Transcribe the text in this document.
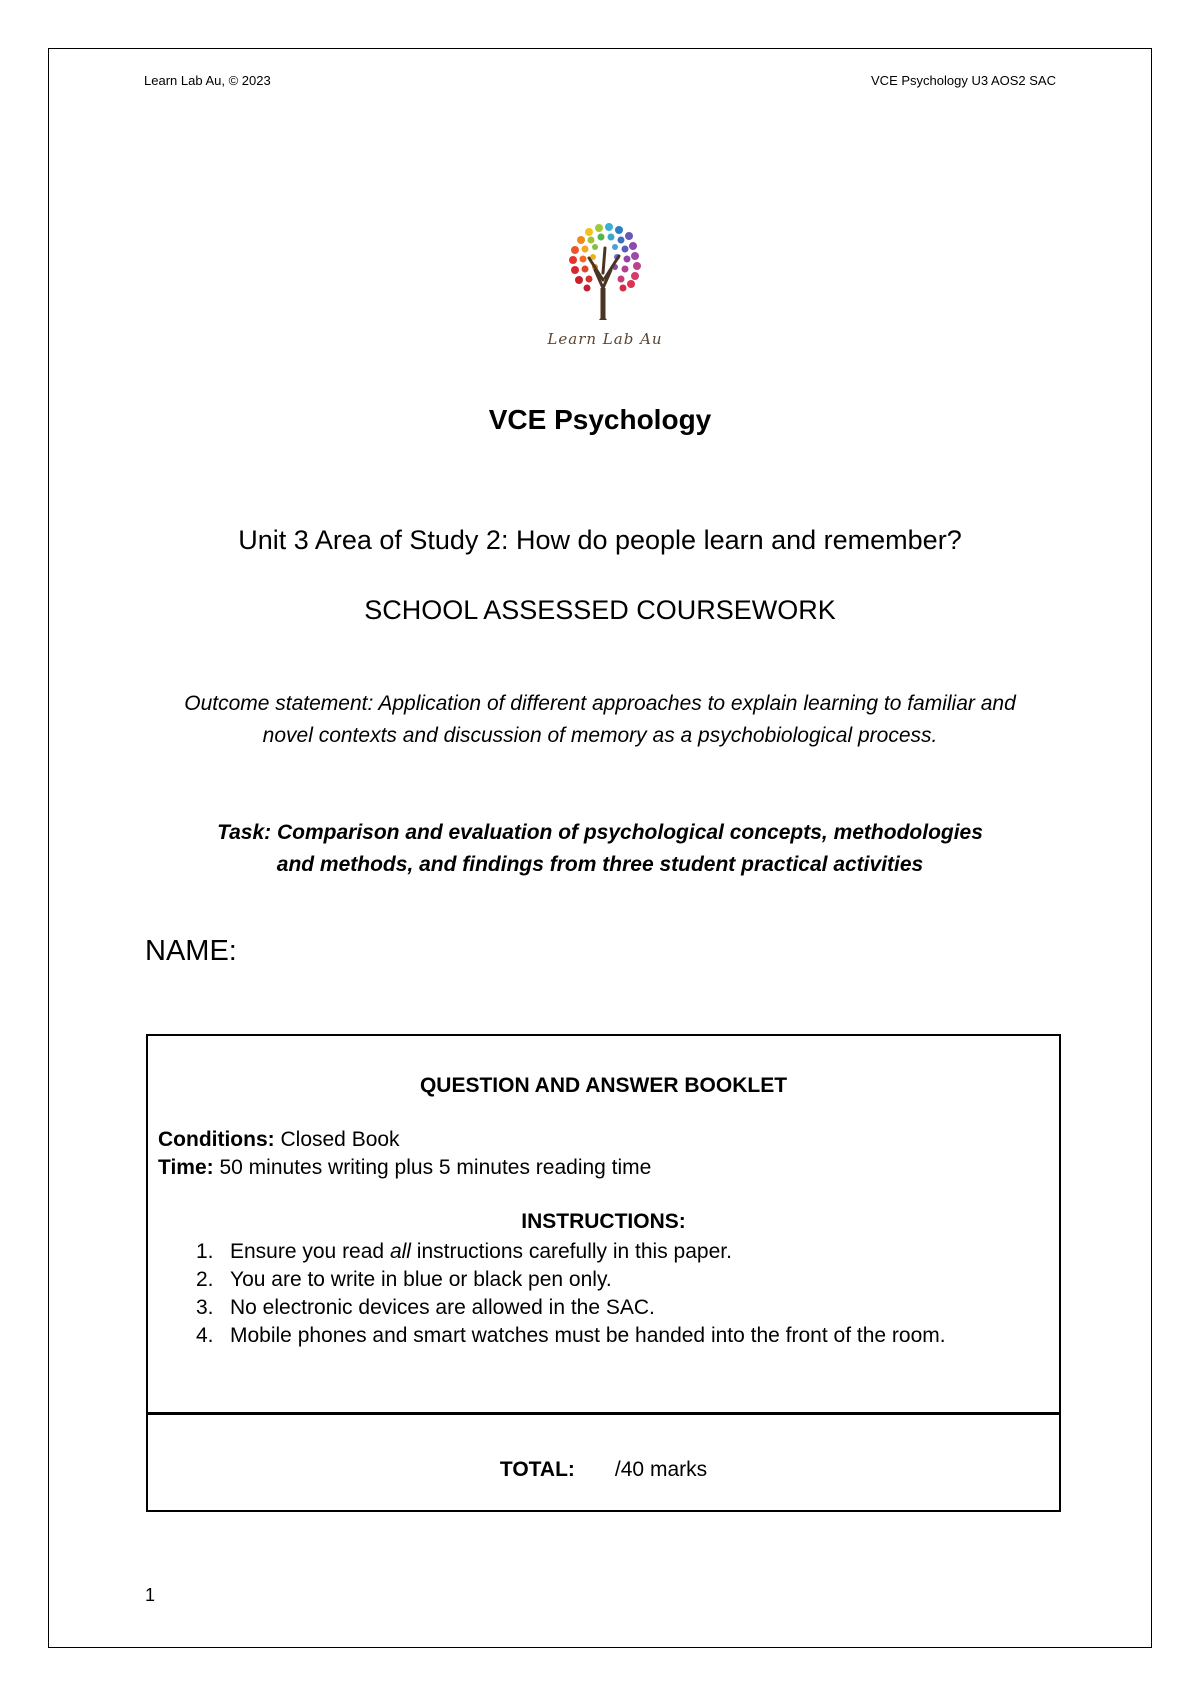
Learn Lab Au, © 2023	VCE Psychology U3 AOS2 SAC
Learn Lab Au
VCE Psychology
Unit 3 Area of Study 2: How do people learn and remember?
SCHOOL ASSESSED COURSEWORK
Outcome statement: Application of different approaches to explain learning to familiar and novel contexts and discussion of memory as a psychobiological process.
Task: Comparison and evaluation of psychological concepts, methodologies
and methods, and findings from three student practical activities
NAME:
QUESTION AND ANSWER BOOKLET
Conditions: Closed Book
Time: 50 minutes writing plus 5 minutes reading time
INSTRUCTIONS:
1. Ensure you read all instructions carefully in this paper.
2. You are to write in blue or black pen only.
3. No electronic devices are allowed in the SAC.
4. Mobile phones and smart watches must be handed into the front of the room.
TOTAL: /40 marks
1
